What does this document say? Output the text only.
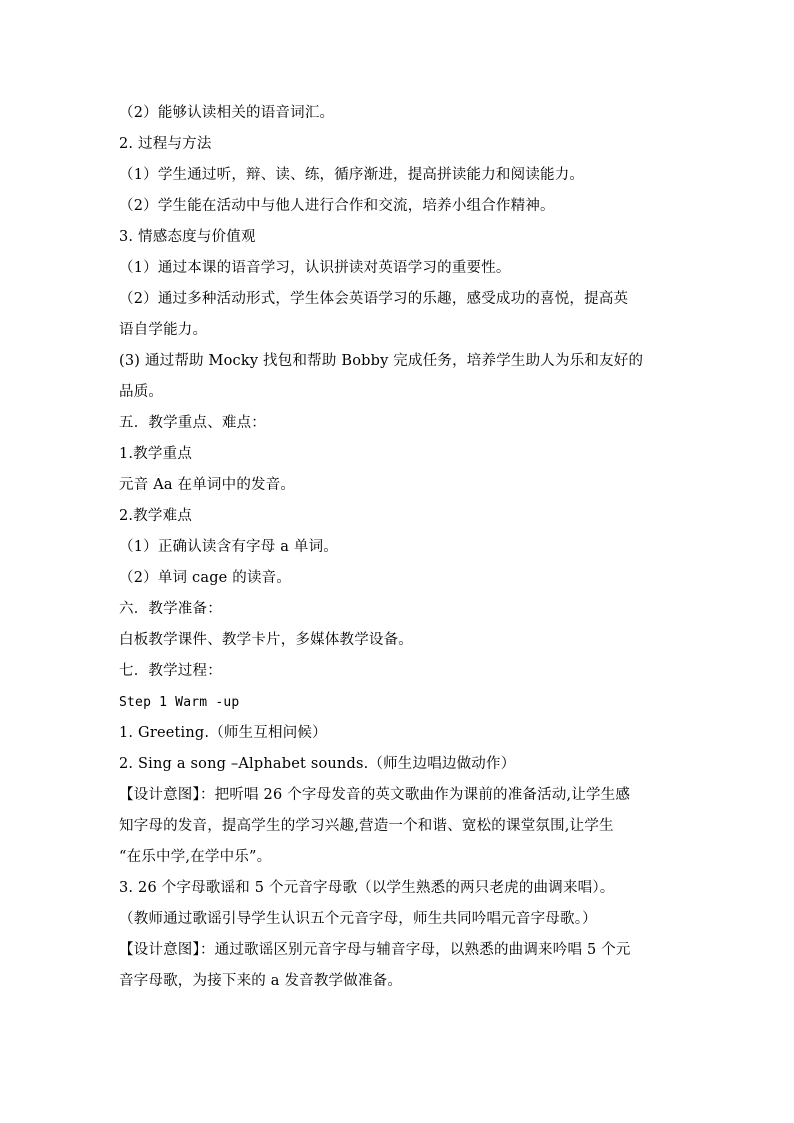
（2）能够认读相关的语音词汇。
2. 过程与方法
（1）学生通过听，辩、读、练，循序渐进，提高拼读能力和阅读能力。
（2）学生能在活动中与他人进行合作和交流，培养小组合作精神。
3. 情感态度与价值观
（1）通过本课的语音学习，认识拼读对英语学习的重要性。
（2）通过多种活动形式，学生体会英语学习的乐趣，感受成功的喜悦，提高英
语自学能力。
(3) 通过帮助 Mocky 找包和帮助 Bobby 完成任务，培养学生助人为乐和友好的
品质。
五．教学重点、难点：
1.教学重点
元音 Aa 在单词中的发音。
2.教学难点
（1）正确认读含有字母 a 单词。
（2）单词 cage 的读音。
六．教学准备：
白板教学课件、教学卡片，多媒体教学设备。
七．教学过程：
Step 1 Warm -up
1. Greeting.（师生互相问候）
2. Sing a song –Alphabet sounds.（师生边唱边做动作）
【设计意图】：把听唱 26 个字母发音的英文歌曲作为课前的准备活动,让学生感
知字母的发音，提高学生的学习兴趣,营造一个和谐、宽松的课堂氛围,让学生
“在乐中学,在学中乐”。
3. 26 个字母歌谣和 5 个元音字母歌（以学生熟悉的两只老虎的曲调来唱）。
（教师通过歌谣引导学生认识五个元音字母，师生共同吟唱元音字母歌。）
【设计意图】：通过歌谣区别元音字母与辅音字母，以熟悉的曲调来吟唱 5 个元
音字母歌，为接下来的 a 发音教学做准备。
